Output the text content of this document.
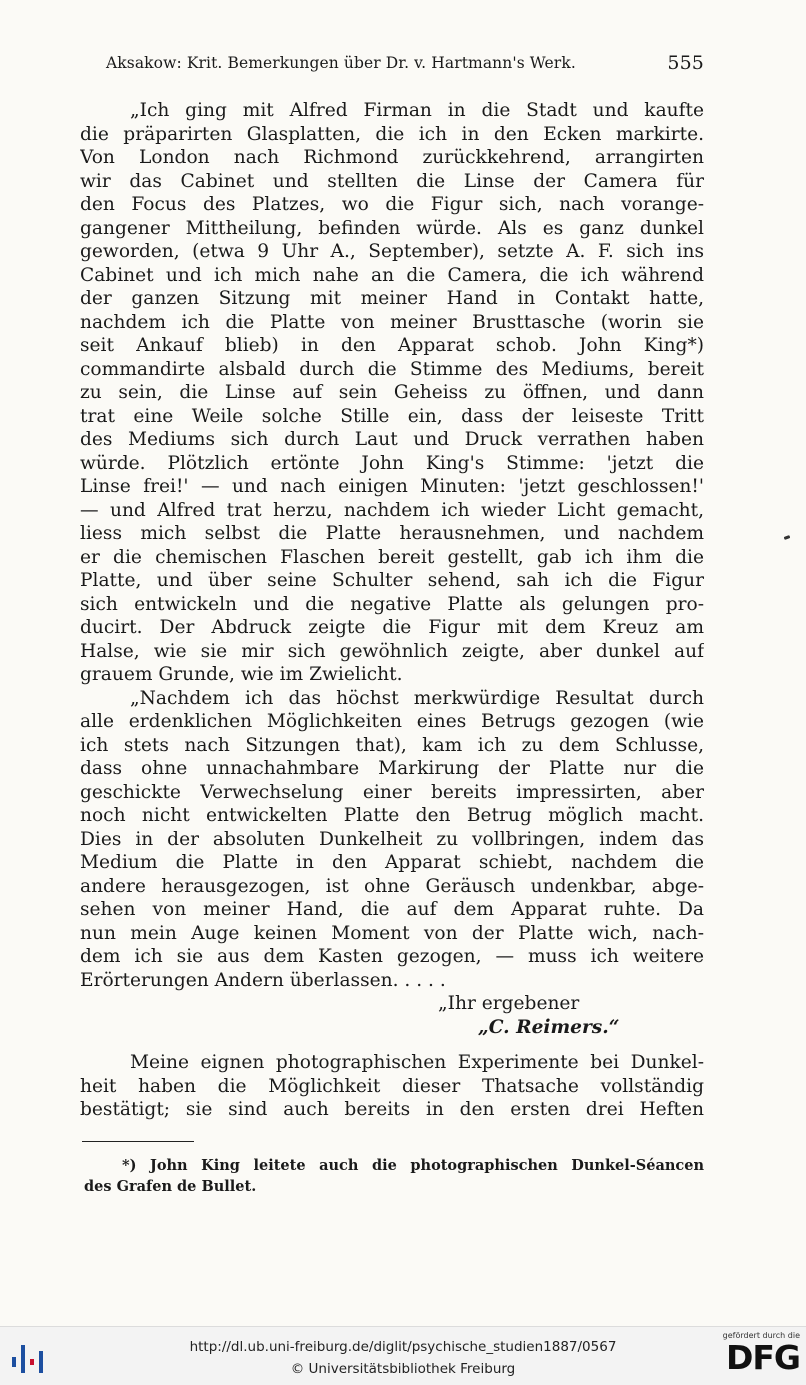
Aksakow: Krit. Bemerkungen über Dr. v. Hartmann's Werk.	555
„Ich ging mit Alfred Firman in die Stadt und kaufte
die präparirten Glasplatten, die ich in den Ecken markirte.
Von London nach Richmond zurückkehrend, arrangirten
wir das Cabinet und stellten die Linse der Camera für
den Focus des Platzes, wo die Figur sich, nach vorange-
gangener Mittheilung, befinden würde. Als es ganz dunkel
geworden, (etwa 9 Uhr A., September), setzte A. F. sich ins
Cabinet und ich mich nahe an die Camera, die ich während
der ganzen Sitzung mit meiner Hand in Contakt hatte,
nachdem ich die Platte von meiner Brusttasche (worin sie
seit Ankauf blieb) in den Apparat schob. John King*)
commandirte alsbald durch die Stimme des Mediums, bereit
zu sein, die Linse auf sein Geheiss zu öffnen, und dann
trat eine Weile solche Stille ein, dass der leiseste Tritt
des Mediums sich durch Laut und Druck verrathen haben
würde. Plötzlich ertönte John King's Stimme: 'jetzt die
Linse frei!' — und nach einigen Minuten: 'jetzt geschlossen!'
— und Alfred trat herzu, nachdem ich wieder Licht gemacht,
liess mich selbst die Platte herausnehmen, und nachdem
er die chemischen Flaschen bereit gestellt, gab ich ihm die
Platte, und über seine Schulter sehend, sah ich die Figur
sich entwickeln und die negative Platte als gelungen pro-
ducirt. Der Abdruck zeigte die Figur mit dem Kreuz am
Halse, wie sie mir sich gewöhnlich zeigte, aber dunkel auf
grauem Grunde, wie im Zwielicht.
„Nachdem ich das höchst merkwürdige Resultat durch
alle erdenklichen Möglichkeiten eines Betrugs gezogen (wie
ich stets nach Sitzungen that), kam ich zu dem Schlusse,
dass ohne unnachahmbare Markirung der Platte nur die
geschickte Verwechselung einer bereits impressirten, aber
noch nicht entwickelten Platte den Betrug möglich macht.
Dies in der absoluten Dunkelheit zu vollbringen, indem das
Medium die Platte in den Apparat schiebt, nachdem die
andere herausgezogen, ist ohne Geräusch undenkbar, abge-
sehen von meiner Hand, die auf dem Apparat ruhte. Da
nun mein Auge keinen Moment von der Platte wich, nach-
dem ich sie aus dem Kasten gezogen, — muss ich weitere
Erörterungen Andern überlassen. . . . .
„Ihr ergebener
„C. Reimers.“
Meine eignen photographischen Experimente bei Dunkel-
heit haben die Möglichkeit dieser Thatsache vollständig
bestätigt; sie sind auch bereits in den ersten drei Heften
*) John King leitete auch die photographischen Dunkel-Séancen
des Grafen de Bullet.
http://dl.ub.uni-freiburg.de/diglit/psychische_studien1887/0567
© Universitätsbibliothek Freiburg
gefördert durch die
DFG
